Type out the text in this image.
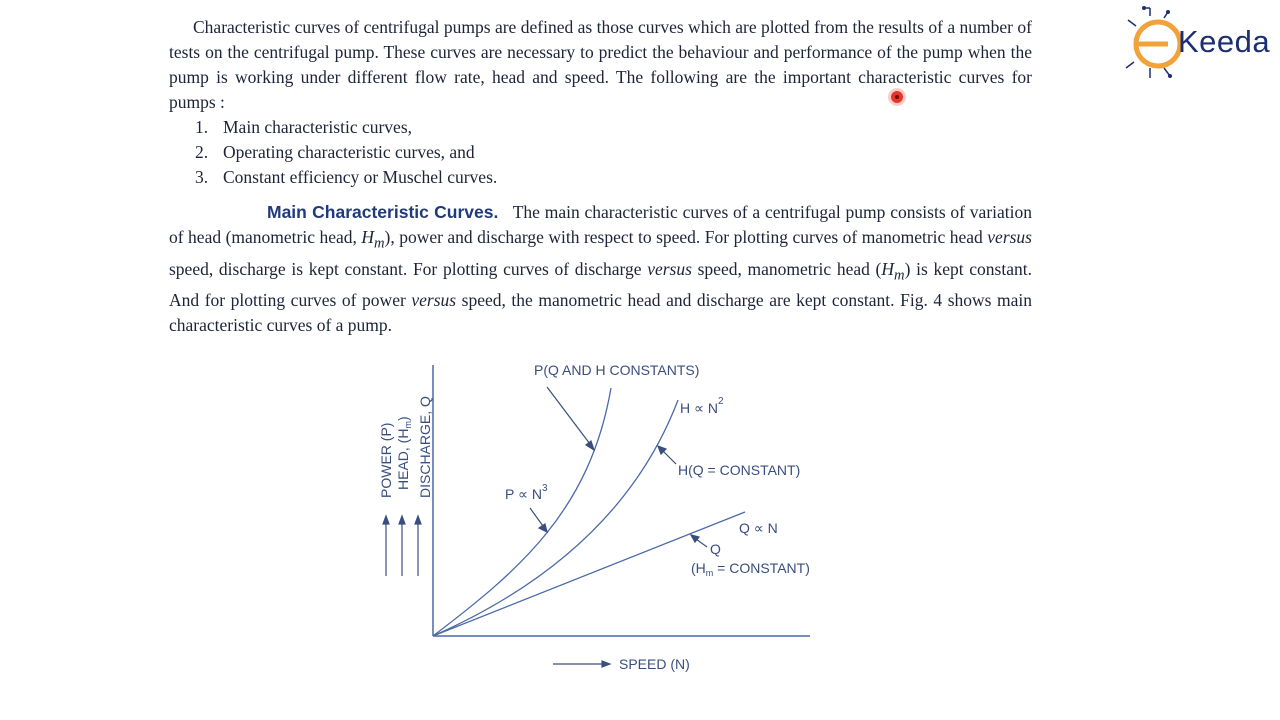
Keeda
Characteristic curves of centrifugal pumps are defined as those curves which are plotted from the results of a number of tests on the centrifugal pump. These curves are necessary to predict the behaviour and performance of the pump when the pump is working under different flow rate, head and speed. The following are the important characteristic curves for pumps :
1. Main characteristic curves,
2. Operating characteristic curves, and
3. Constant efficiency or Muschel curves.
Main Characteristic Curves. The main characteristic curves of a centrifugal pump consists of variation of head (manometric head, $H_m$), power and discharge with respect to speed. For plotting curves of manometric head versus speed, discharge is kept constant. For plotting curves of discharge versus speed, manometric head $(H_m)$ is kept constant. And for plotting curves of power versus speed, the manometric head and discharge are kept constant. Fig. 4 shows main characteristic curves of a pump.
POWER (P) HEAD, $(H_m)$ DISCHARGE, Q
SPEED (N)
P(Q AND H CONSTANTS)
$P \propto N^3$
$H \propto N^2$
H(Q = CONSTANT)
Q ∝ N
Q
($H_m$ = CONSTANT)
